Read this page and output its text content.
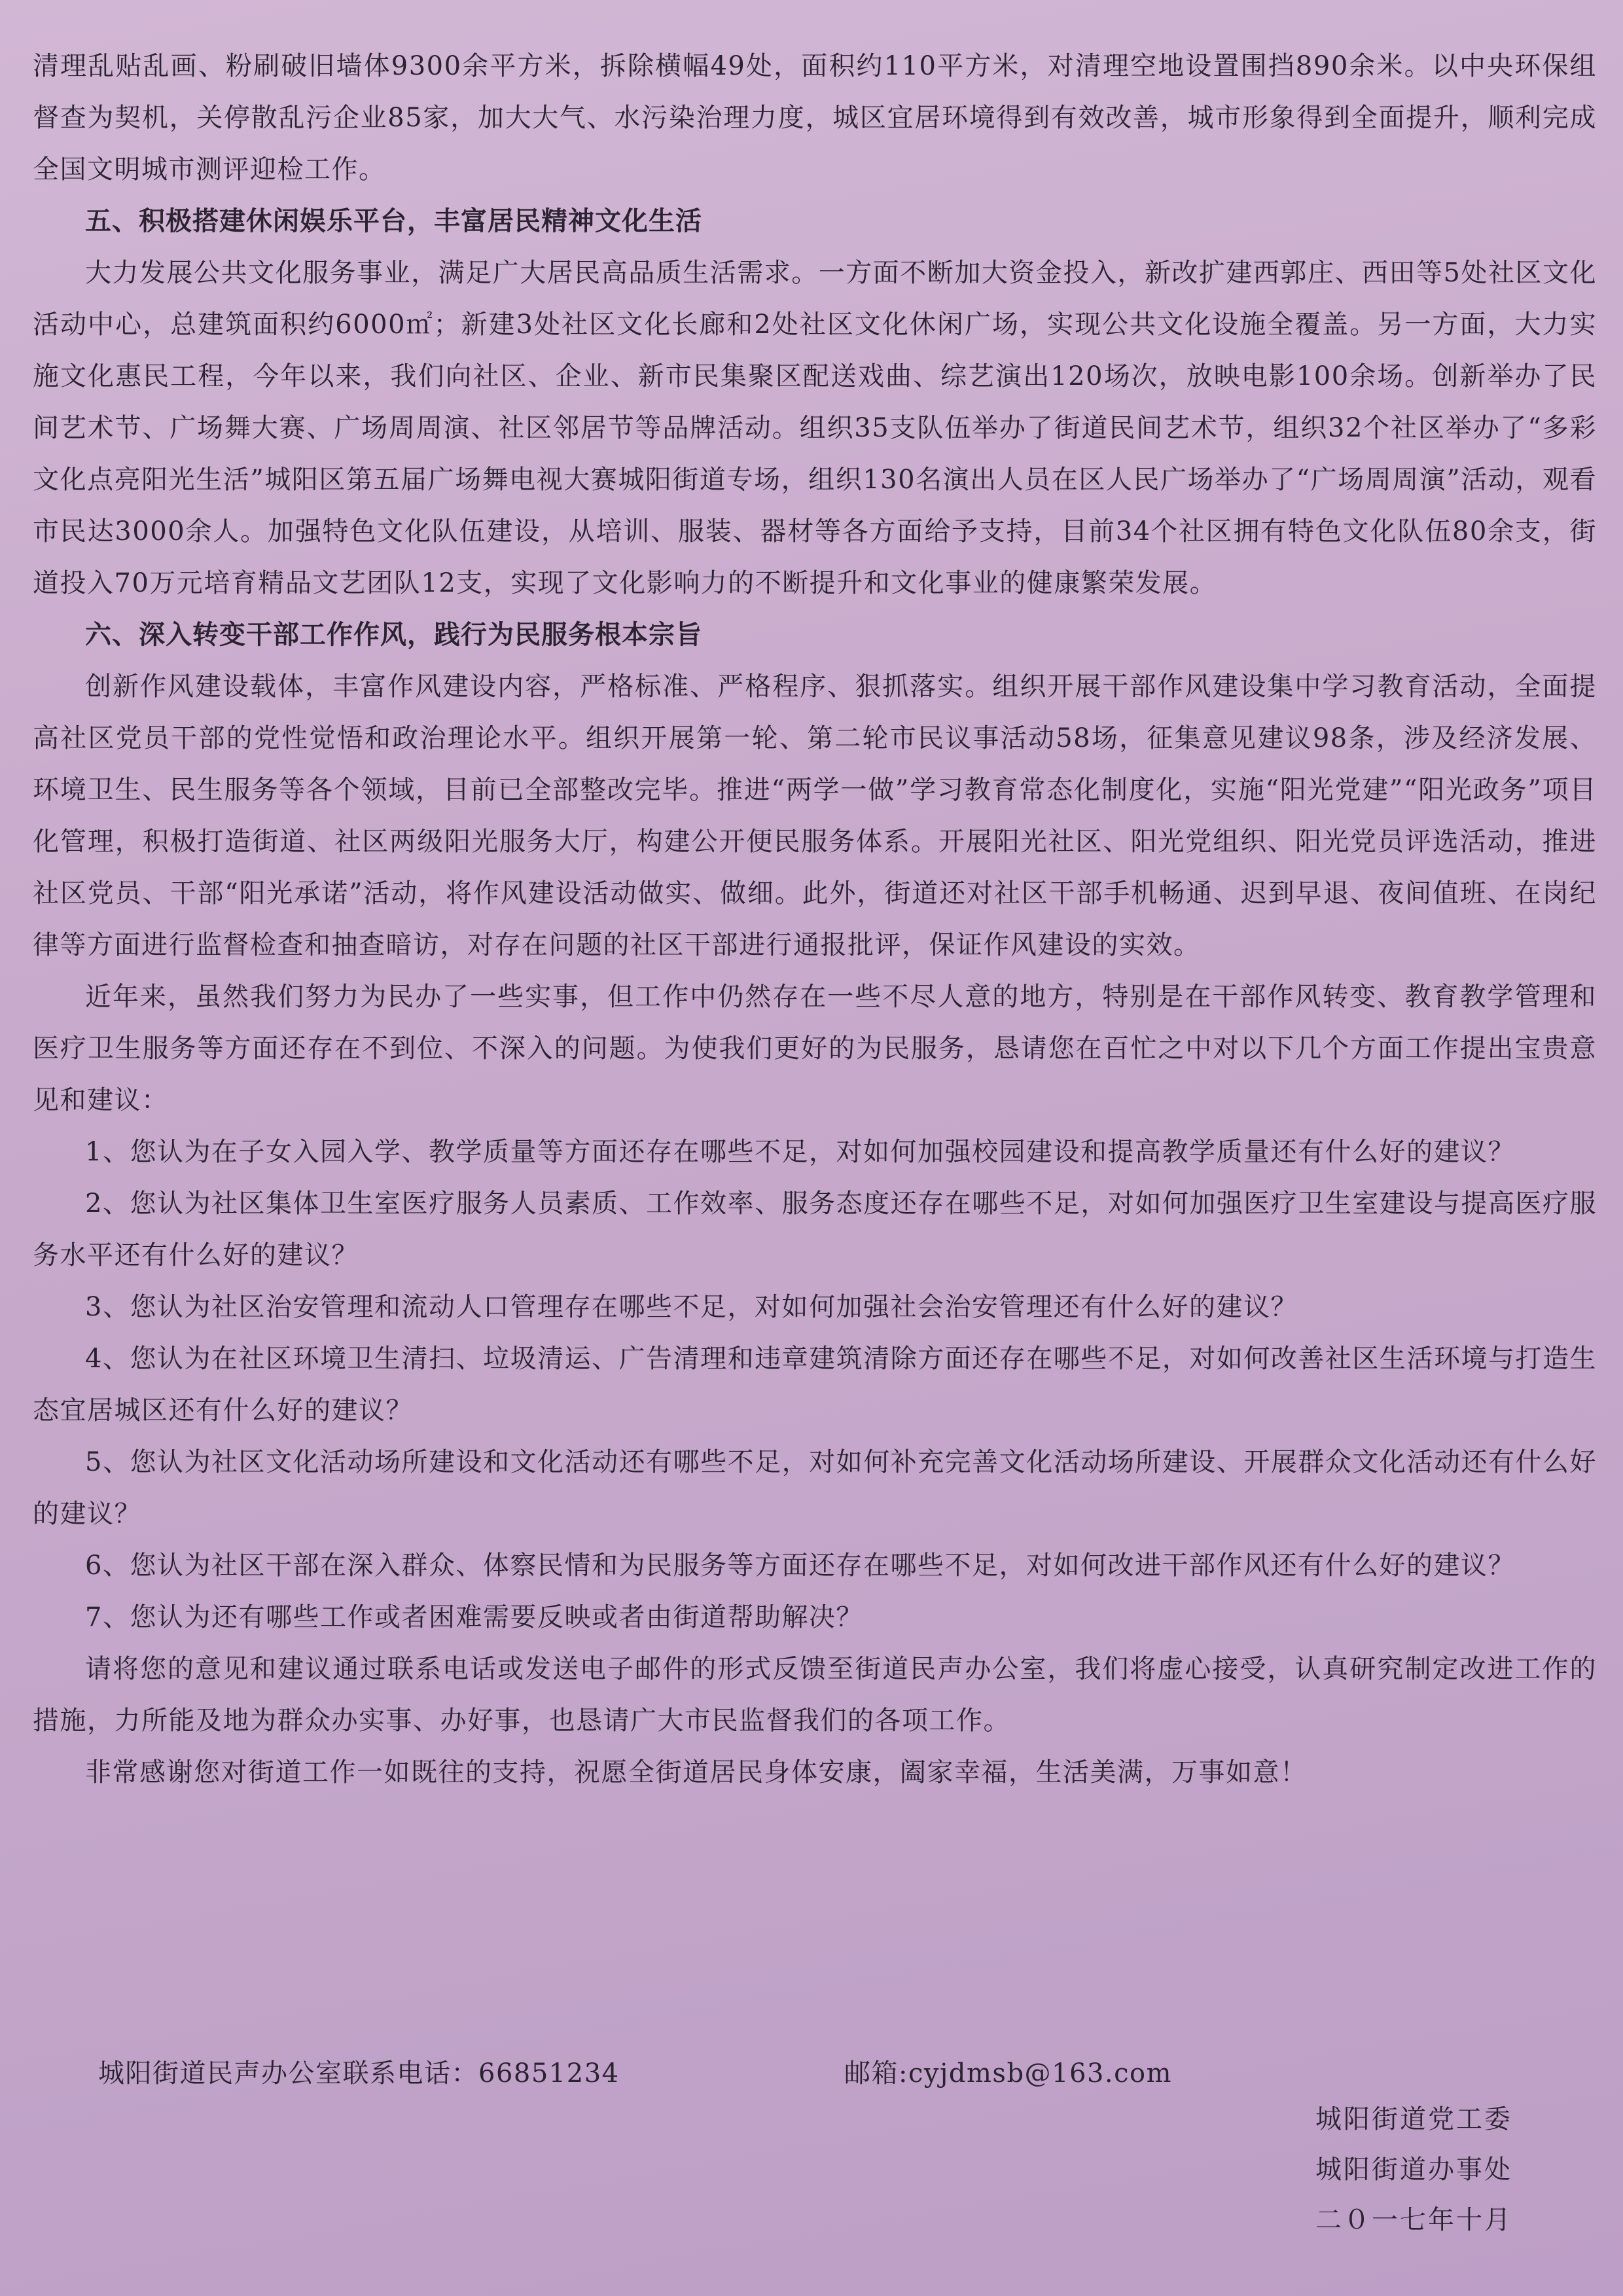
清理乱贴乱画、粉刷破旧墙体9300余平方米，拆除横幅49处，面积约110平方米，对清理空地设置围挡890余米。以中央环保组督查为契机，关停散乱污企业85家，加大大气、水污染治理力度，城区宜居环境得到有效改善，城市形象得到全面提升，顺利完成全国文明城市测评迎检工作。

五、积极搭建休闲娱乐平台，丰富居民精神文化生活

大力发展公共文化服务事业，满足广大居民高品质生活需求。一方面不断加大资金投入，新改扩建西郭庄、西田等5处社区文化活动中心，总建筑面积约6000㎡；新建3处社区文化长廊和2处社区文化休闲广场，实现公共文化设施全覆盖。另一方面，大力实施文化惠民工程，今年以来，我们向社区、企业、新市民集聚区配送戏曲、综艺演出120场次，放映电影100余场。创新举办了民间艺术节、广场舞大赛、广场周周演、社区邻居节等品牌活动。组织35支队伍举办了街道民间艺术节，组织32个社区举办了“多彩文化点亮阳光生活”城阳区第五届广场舞电视大赛城阳街道专场，组织130名演出人员在区人民广场举办了“广场周周演”活动，观看市民达3000余人。加强特色文化队伍建设，从培训、服装、器材等各方面给予支持，目前34个社区拥有特色文化队伍80余支，街道投入70万元培育精品文艺团队12支，实现了文化影响力的不断提升和文化事业的健康繁荣发展。

六、深入转变干部工作作风，践行为民服务根本宗旨

创新作风建设载体，丰富作风建设内容，严格标准、严格程序、狠抓落实。组织开展干部作风建设集中学习教育活动，全面提高社区党员干部的党性觉悟和政治理论水平。组织开展第一轮、第二轮市民议事活动58场，征集意见建议98条，涉及经济发展、环境卫生、民生服务等各个领域，目前已全部整改完毕。推进“两学一做”学习教育常态化制度化，实施“阳光党建”“阳光政务”项目化管理，积极打造街道、社区两级阳光服务大厅，构建公开便民服务体系。开展阳光社区、阳光党组织、阳光党员评选活动，推进社区党员、干部“阳光承诺”活动，将作风建设活动做实、做细。此外，街道还对社区干部手机畅通、迟到早退、夜间值班、在岗纪律等方面进行监督检查和抽查暗访，对存在问题的社区干部进行通报批评，保证作风建设的实效。

近年来，虽然我们努力为民办了一些实事，但工作中仍然存在一些不尽人意的地方，特别是在干部作风转变、教育教学管理和医疗卫生服务等方面还存在不到位、不深入的问题。为使我们更好的为民服务，恳请您在百忙之中对以下几个方面工作提出宝贵意见和建议：

1、您认为在子女入园入学、教学质量等方面还存在哪些不足，对如何加强校园建设和提高教学质量还有什么好的建议？

2、您认为社区集体卫生室医疗服务人员素质、工作效率、服务态度还存在哪些不足，对如何加强医疗卫生室建设与提高医疗服务水平还有什么好的建议？

3、您认为社区治安管理和流动人口管理存在哪些不足，对如何加强社会治安管理还有什么好的建议？

4、您认为在社区环境卫生清扫、垃圾清运、广告清理和违章建筑清除方面还存在哪些不足，对如何改善社区生活环境与打造生态宜居城区还有什么好的建议？

5、您认为社区文化活动场所建设和文化活动还有哪些不足，对如何补充完善文化活动场所建设、开展群众文化活动还有什么好的建议？

6、您认为社区干部在深入群众、体察民情和为民服务等方面还存在哪些不足，对如何改进干部作风还有什么好的建议？

7、您认为还有哪些工作或者困难需要反映或者由街道帮助解决？

请将您的意见和建议通过联系电话或发送电子邮件的形式反馈至街道民声办公室，我们将虚心接受，认真研究制定改进工作的措施，力所能及地为群众办实事、办好事，也恳请广大市民监督我们的各项工作。

非常感谢您对街道工作一如既往的支持，祝愿全街道居民身体安康，阖家幸福，生活美满，万事如意！

城阳街道民声办公室联系电话：66851234	邮箱:cyjdmsb@163.com
城阳街道党工委
城阳街道办事处
二０一七年十月
